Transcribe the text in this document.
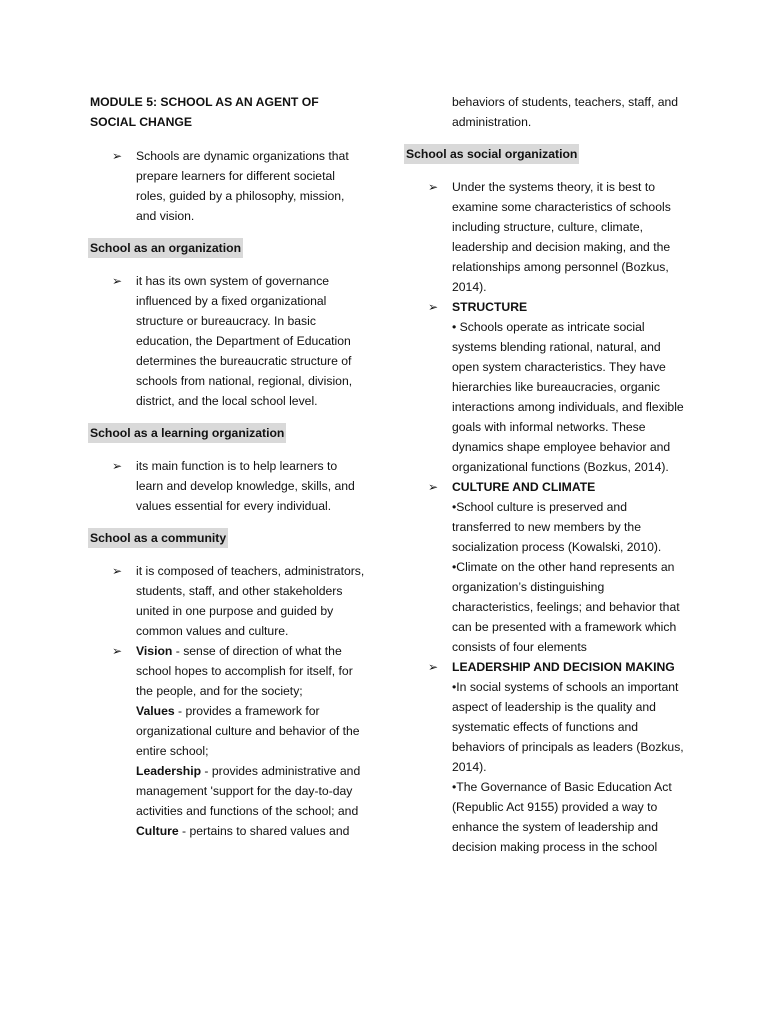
MODULE 5: SCHOOL AS AN AGENT OF SOCIAL CHANGE

➢ Schools are dynamic organizations that prepare learners for different societal roles, guided by a philosophy, mission, and vision.

School as an organization
➢ it has its own system of governance influenced by a fixed organizational structure or bureaucracy. In basic education, the Department of Education determines the bureaucratic structure of schools from national, regional, division, district, and the local school level.

School as a learning organization
➢ its main function is to help learners to learn and develop knowledge, skills, and values essential for every individual.

School as a community
➢ it is composed of teachers, administrators, students, staff, and other stakeholders united in one purpose and guided by common values and culture.

➢ Vision - sense of direction of what the school hopes to accomplish for itself, for the people, and for the society;

Values - provides a framework for organizational culture and behavior of the entire school;

Leadership - provides administrative and management 'support for the day-to-day activities and functions of the school; and

Culture - pertains to shared values and

behaviors of students, teachers, staff, and administration.

School as social organization
➢ Under the systems theory, it is best to examine some characteristics of schools including structure, culture, climate, leadership and decision making, and the relationships among personnel (Bozkus, 2014).

➢ STRUCTURE

• Schools operate as intricate social systems blending rational, natural, and open system characteristics. They have hierarchies like bureaucracies, organic interactions among individuals, and flexible goals with informal networks. These dynamics shape employee behavior and organizational functions (Bozkus, 2014).

➢ CULTURE AND CLIMATE

•School culture is preserved and transferred to new members by the socialization process (Kowalski, 2010).

•Climate on the other hand represents an organization’s distinguishing characteristics, feelings; and behavior that can be presented with a framework which consists of four elements

➢ LEADERSHIP AND DECISION MAKING

•In social systems of schools an important aspect of leadership is the quality and systematic effects of functions and behaviors of principals as leaders (Bozkus, 2014).

•The Governance of Basic Education Act (Republic Act 9155) provided a way to enhance the system of leadership and decision making process in the school
